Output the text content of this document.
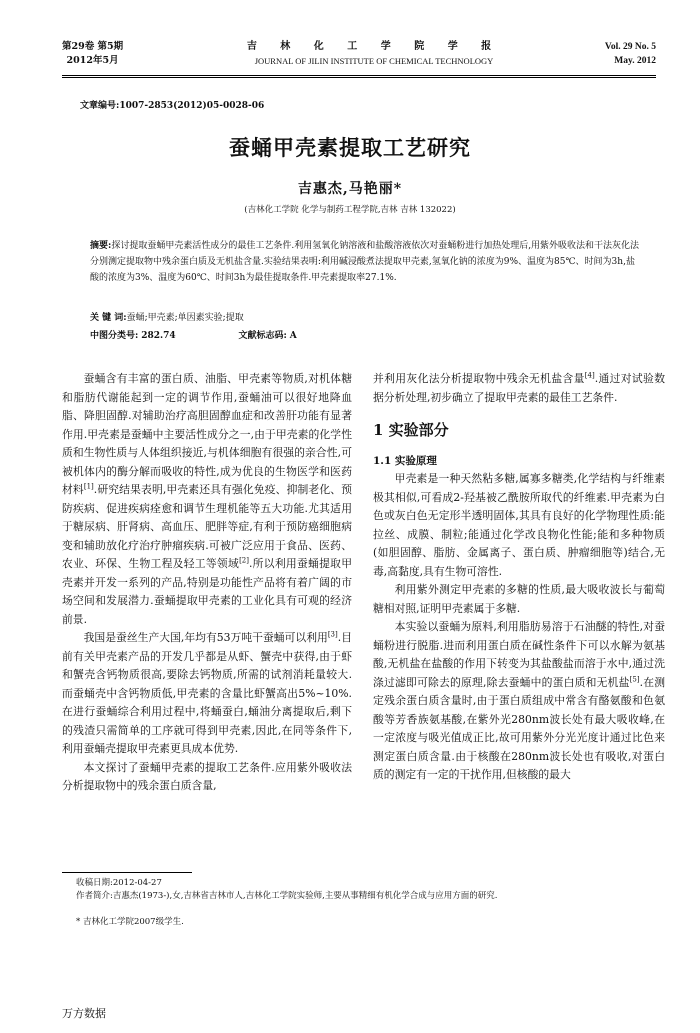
第29卷 第5期
2012年5月
吉 林 化 工 学 院 学 报
JOURNAL OF JILIN INSTITUTE OF CHEMICAL TECHNOLOGY
Vol. 29 No. 5
May. 2012
文章编号:1007-2853(2012)05-0028-06
蚕蛹甲壳素提取工艺研究
吉惠杰,马艳丽*
(吉林化工学院 化学与制药工程学院,吉林 吉林 132022)
摘要:探讨提取蚕蛹甲壳素活性成分的最佳工艺条件.利用氢氧化钠溶液和盐酸溶液依次对蚕蛹粉进行加热处理后,用紫外吸收法和干法灰化法分别测定提取物中残余蛋白质及无机盐含量.实验结果表明:利用碱浸酸煮法提取甲壳素,氢氧化钠的浓度为9%、温度为85℃、时间为3h,盐酸的浓度为3%、温度为60℃、时间3h为最佳提取条件.甲壳素提取率27.1%.
关 键 词:蚕蛹;甲壳素;单因素实验;提取
中图分类号: 282.74	文献标志码: A

蚕蛹含有丰富的蛋白质、油脂、甲壳素等物质,对机体糖和脂肪代谢能起到一定的调节作用,蚕蛹油可以很好地降血脂、降胆固醇.对辅助治疗高胆固醇血症和改善肝功能有显著作用.甲壳素是蚕蛹中主要活性成分之一,由于甲壳素的化学性质和生物性质与人体组织接近,与机体细胞有很强的亲合性,可被机体内的酶分解而吸收的特性,成为优良的生物医学和医药材料[1].研究结果表明,甲壳素还具有强化免疫、抑制老化、预防疾病、促进疾病痊愈和调节生理机能等五大功能.尤其适用于糖尿病、肝肾病、高血压、肥胖等症,有利于预防癌细胞病变和辅助放化疗治疗肿瘤疾病.可被广泛应用于食品、医药、农业、环保、生物工程及轻工等领域[2].所以利用蚕蛹提取甲壳素并开发一系列的产品,特别是功能性产品将有着广阔的市场空间和发展潜力.蚕蛹提取甲壳素的工业化具有可观的经济前景.

我国是蚕丝生产大国,年均有53万吨干蚕蛹可以利用[3].目前有关甲壳素产品的开发几乎都是从虾、蟹壳中获得,由于虾和蟹壳含钙物质很高,要除去钙物质,所需的试剂消耗量较大.而蚕蛹壳中含钙物质低,甲壳素的含量比虾蟹高出5%~10%.在进行蚕蛹综合利用过程中,将蛹蚕白,蛹油分离提取后,剩下的残渣只需简单的工序就可得到甲壳素,因此,在同等条件下,利用蚕蛹壳提取甲壳素更具成本优势.

本文探讨了蚕蛹甲壳素的提取工艺条件.应用紫外吸收法分析提取物中的残余蛋白质含量,

并利用灰化法分析提取物中残余无机盐含量[4].通过对试验数据分析处理,初步确立了提取甲壳素的最佳工艺条件.

1 实验部分

1.1 实验原理

甲壳素是一种天然粘多糖,属寡多糖类,化学结构与纤维素极其相似,可看成2-羟基被乙酰胺所取代的纤维素.甲壳素为白色或灰白色无定形半透明固体,其具有良好的化学物理性质:能拉丝、成膜、制粒;能通过化学改良物化性能;能和多种物质(如胆固醇、脂肪、金属离子、蛋白质、肿瘤细胞等)结合,无毒,高黏度,具有生物可溶性.

利用紫外测定甲壳素的多糖的性质,最大吸收波长与葡萄糖相对照,证明甲壳素属于多糖.

本实验以蚕蛹为原料,利用脂肪易溶于石油醚的特性,对蚕蛹粉进行脱脂.进而利用蛋白质在碱性条件下可以水解为氨基酸,无机盐在盐酸的作用下转变为其盐酸盐而溶于水中,通过洗涤过滤即可除去的原理,除去蚕蛹中的蛋白质和无机盐[5].在测定残余蛋白质含量时,由于蛋白质组成中常含有酪氨酸和色氨酸等芳香族氨基酸,在紫外光280nm波长处有最大吸收峰,在一定浓度与吸光值成正比,故可用紫外分光光度计通过比色来测定蛋白质含量.由于核酸在280nm波长处也有吸收,对蛋白质的测定有一定的干扰作用,但核酸的最大

收稿日期:2012-04-27
作者简介:吉惠杰(1973-),女,吉林省吉林市人,吉林化工学院实验师,主要从事精细有机化学合成与应用方面的研究.
* 吉林化工学院2007级学生.
万方数据
